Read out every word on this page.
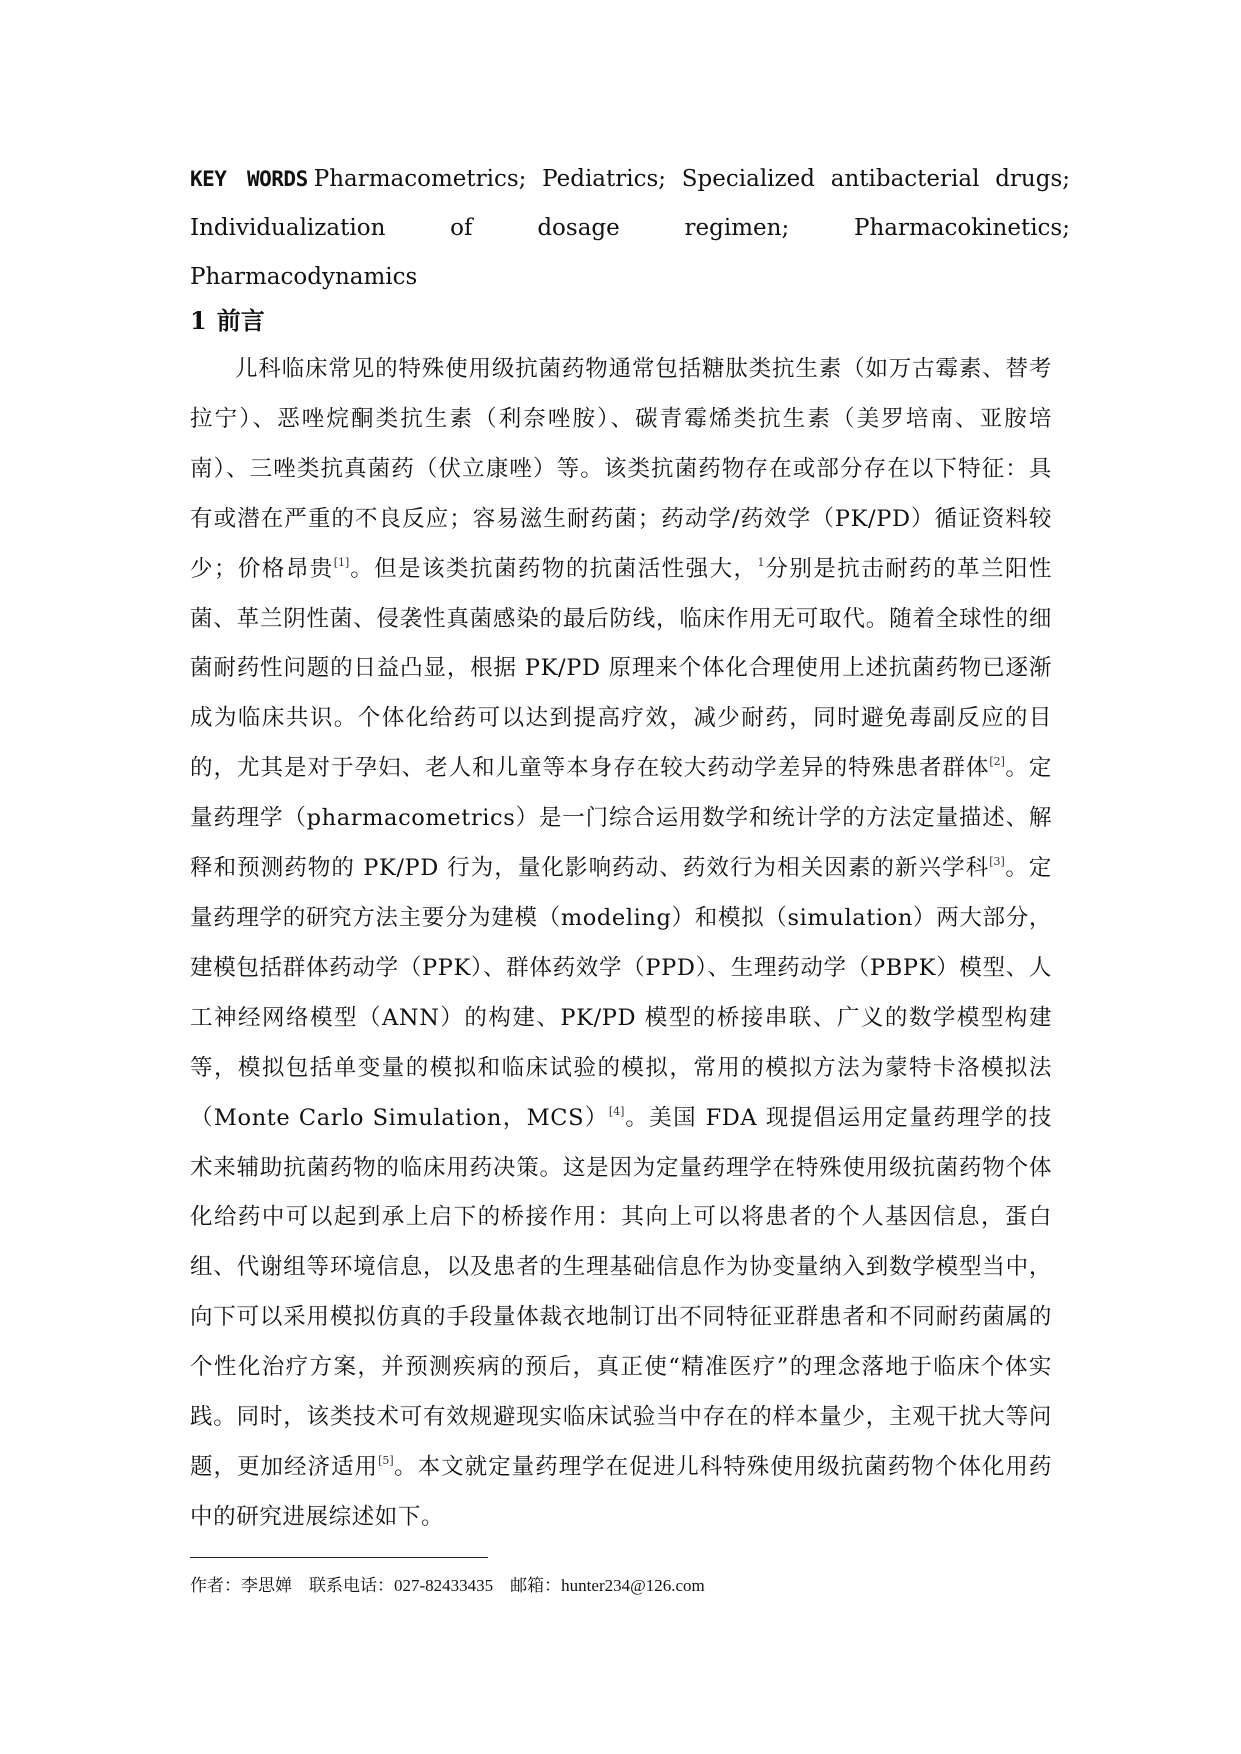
KEY WORDS Pharmacometrics; Pediatrics; Specialized antibacterial drugs; Individualization of dosage regimen; Pharmacokinetics; Pharmacodynamics
1 前言
儿科临床常见的特殊使用级抗菌药物通常包括糖肽类抗生素（如万古霉素、替考拉宁）、恶唑烷酮类抗生素（利奈唑胺）、碳青霉烯类抗生素（美罗培南、亚胺培南）、三唑类抗真菌药（伏立康唑）等。该类抗菌药物存在或部分存在以下特征：具有或潜在严重的不良反应；容易滋生耐药菌；药动学/药效学（PK/PD）循证资料较少；价格昂贵[1]。但是该类抗菌药物的抗菌活性强大，$^1$分别是抗击耐药的革兰阳性菌、革兰阴性菌、侵袭性真菌感染的最后防线，临床作用无可取代。随着全球性的细菌耐药性问题的日益凸显，根据 PK/PD 原理来个体化合理使用上述抗菌药物已逐渐成为临床共识。个体化给药可以达到提高疗效，减少耐药，同时避免毒副反应的目的，尤其是对于孕妇、老人和儿童等本身存在较大药动学差异的特殊患者群体[2]。定量药理学（pharmacometrics）是一门综合运用数学和统计学的方法定量描述、解释和预测药物的 PK/PD 行为，量化影响药动、药效行为相关因素的新兴学科[3]。定量药理学的研究方法主要分为建模（modeling）和模拟（simulation）两大部分，建模包括群体药动学（PPK）、群体药效学（PPD）、生理药动学（PBPK）模型、人工神经网络模型（ANN）的构建、PK/PD 模型的桥接串联、广义的数学模型构建等，模拟包括单变量的模拟和临床试验的模拟，常用的模拟方法为蒙特卡洛模拟法（Monte Carlo Simulation，MCS）[4]。美国 FDA 现提倡运用定量药理学的技术来辅助抗菌药物的临床用药决策。这是因为定量药理学在特殊使用级抗菌药物个体化给药中可以起到承上启下的桥接作用：其向上可以将患者的个人基因信息，蛋白组、代谢组等环境信息，以及患者的生理基础信息作为协变量纳入到数学模型当中，向下可以采用模拟仿真的手段量体裁衣地制订出不同特征亚群患者和不同耐药菌属的个性化治疗方案，并预测疾病的预后，真正使“精准医疗”的理念落地于临床个体实践。同时，该类技术可有效规避现实临床试验当中存在的样本量少，主观干扰大等问题，更加经济适用[5]。本文就定量药理学在促进儿科特殊使用级抗菌药物个体化用药中的研究进展综述如下。
作者：李思婵 联系电话：027-82433435 邮箱：hunter234@126.com
